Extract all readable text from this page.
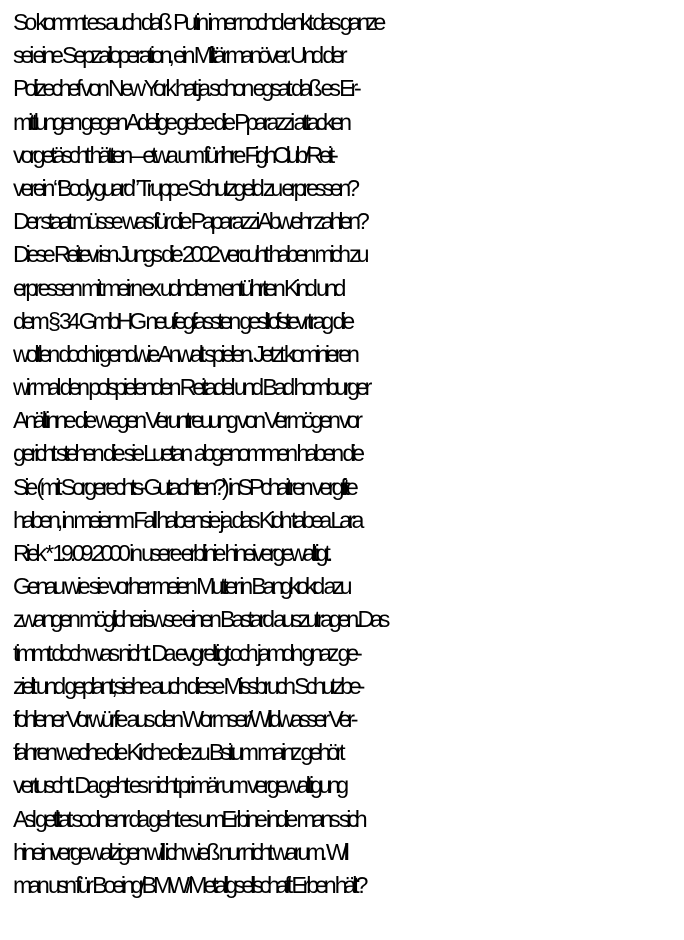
So kommt es auch daß  Putin imer nochd enkt das ganze
sei eine Sepzailoperation, ein Miltärmanöver. Und der
Polizechef von New York hat ja schon egsat daß es Er-
mittlungen gegen Adelige gebe die Pparazzi attacken
vorgetäscht hätten – etwa um für ihre FighClub/Reit-
verein “Bodyguard” Truppe Schutzgeld zu erpressen?
Der staat müsse was für die Paparazzi Abwehr zahlen?
Diese Reitevrisn Jungs die 2002 vercuht haben mich zu
erpressen mit meirn ex udndem entührten Kind und
dem § 34 GmbHG neufegfassten geslIcfstevrtrag die
woltlen doch irgendwie Anwalt spielen. Jetzt kominieren
wir mal den polspielenden Reitadel und Bad homburger
Anältinne die wegen Veruntreuung von Vermögen vor
gericht stehen die sie Luetan  abgenommen haben die
Sie (mit Sorgerechts-Gutachten?) inSPchaitren vergfite
haben, in meienm Fall habensie ja das Kidn tabea Lara
Riek * 19.09.2000 in usere erblinie hineivergewaltigt.
Genau wie sie vorher meien Mutter in Bangkokd azu
zwangen möglicheriswse einen Bastard auszutragen.Das
timmt doch was nicht. Da evgreltigt och jamdn gnaz ge-
zielt und geplant,siehe auch diese Missbruch Schutzbe-
fohlener Vorwürfe aus den Wormser/Wildwasser Ver-
fahren weclhe die Kirche die zu Bsitum mainz gehört
vertuscht. Da geht es nicht primär um vergewaltigung
Asl getltat sodnenr da geht es umErbine indie mans sich
hineinvergewalzigen will ich wieß nur nicht warum. Wil
man usn für Boeing/BMW/Metallgsellschaft Erben hält?
